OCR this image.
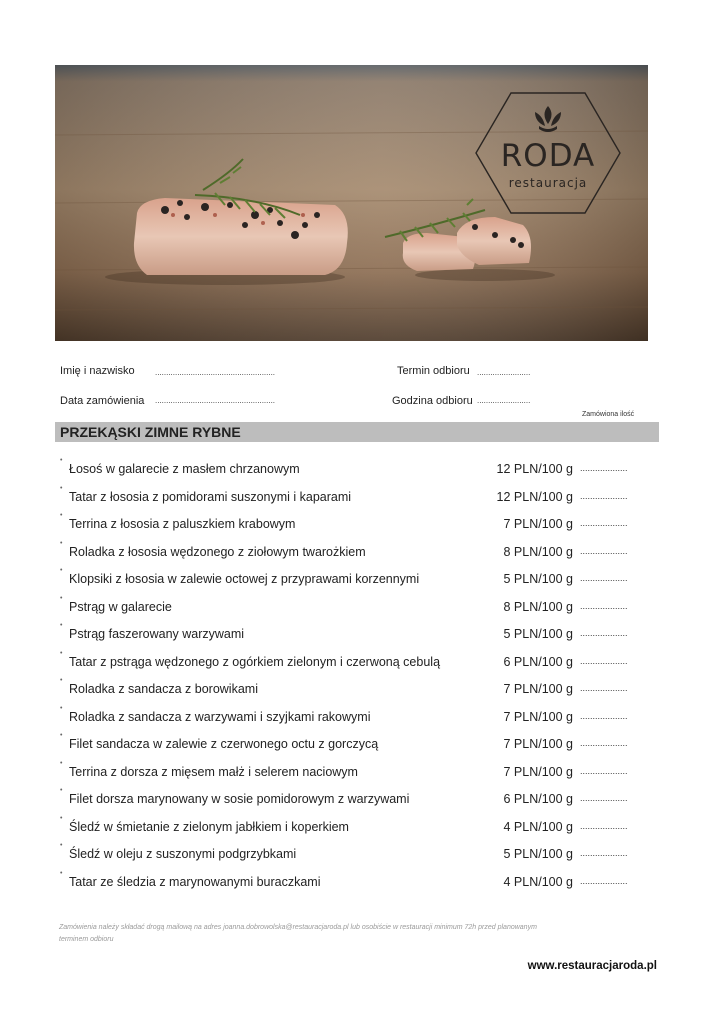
RODA
restauracja
Imię i nazwisko	......................................................	Termin odbioru ........................
Data zamówienia ......................................................	Godzina odbioru ........................
Zamówiona ilość
PRZEKĄSKI ZIMNE RYBNE
•
Łosoś w galarecie z masłem chrzanowym	12 PLN/100 g ...................
•
Tatar z łososia z pomidorami suszonymi i kaparami	12 PLN/100 g ...................
•
Terrina z łososia z paluszkiem krabowym	7 PLN/100 g ...................
•
Roladka z łososia wędzonego z ziołowym twarożkiem	8 PLN/100 g ...................
•
Klopsiki z łososia w zalewie octowej z przyprawami korzennymi	5 PLN/100 g ...................
•
Pstrąg w galarecie	8 PLN/100 g ...................
•
Pstrąg faszerowany warzywami	5 PLN/100 g ...................
•
Tatar z pstrąga wędzonego z ogórkiem zielonym i czerwoną cebulą	6 PLN/100 g ...................
•
Roladka z sandacza z borowikami	7 PLN/100 g ...................
•
Roladka z sandacza z warzywami i szyjkami rakowymi	7 PLN/100 g ...................
•
Filet sandacza w zalewie z czerwonego octu z gorczycą	7 PLN/100 g ...................
•
Terrina z dorsza z mięsem małż i selerem naciowym	7 PLN/100 g ...................
•
Filet dorsza marynowany w sosie pomidorowym z warzywami	6 PLN/100 g ...................
•
Śledź w śmietanie z zielonym jabłkiem i koperkiem	4 PLN/100 g ...................
•
Śledź w oleju z suszonymi podgrzybkami	5 PLN/100 g ...................
•
Tatar ze śledzia z marynowanymi buraczkami	4 PLN/100 g ...................
Zamówienia należy składać drogą mailową na adres joanna.dobrowolska@restauracjaroda.pl lub osobiście w restauracji minimum 72h przed planowanym terminem odbioru
www.restauracjaroda.pl
